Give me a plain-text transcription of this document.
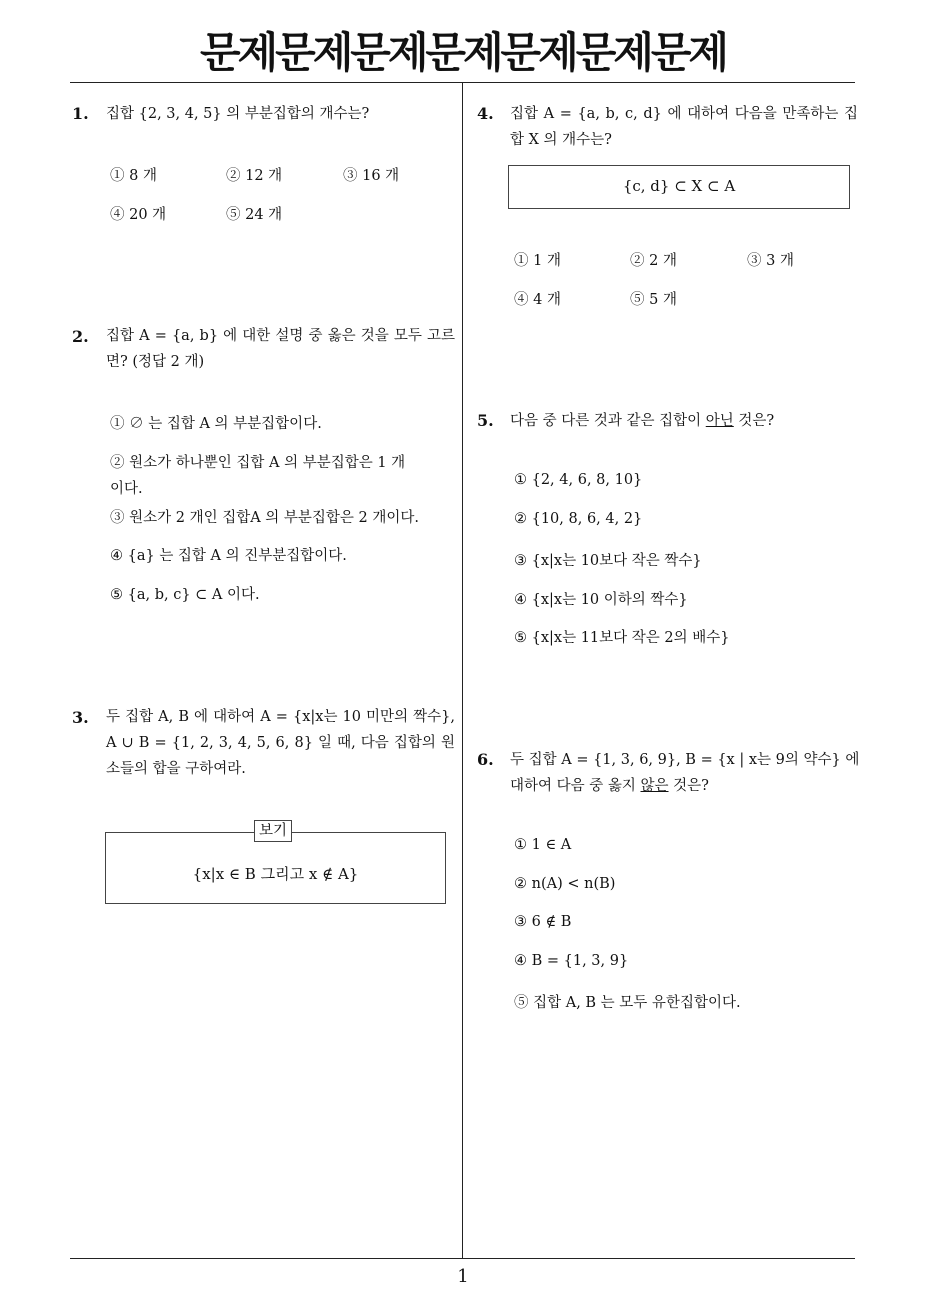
문제문제문제문제문제문제문제
1. 집합 {2, 3, 4, 5} 의 부분집합의 개수는?
① 8 개	② 12 개	③ 16 개
④ 20 개	⑤ 24 개
2. 집합 A = {a, b} 에 대한 설명 중 옳은 것을 모두 고르면? (정답 2 개)
① ∅ 는 집합 A 의 부분집합이다.
② 원소가 하나뿐인 집합 A 의 부분집합은 1 개이다.
③ 원소가 2 개인 집합A 의 부분집합은 2 개이다.
④ {a} 는 집합 A 의 진부분집합이다.
⑤ {a, b, c} ⊂ A 이다.
3. 두 집합 A, B 에 대하여 A = {x|x는 10 미만의 짝수}, A ∪ B = {1, 2, 3, 4, 5, 6, 8} 일 때, 다음 집합의 원소들의 합을 구하여라.
{x|x ∈ B 그리고 x ∉ A}
보기
4. 집합 A = {a, b, c, d} 에 대하여 다음을 만족하는 집합 X 의 개수는?
{c, d} ⊂ X ⊂ A
① 1 개	② 2 개	③ 3 개
④ 4 개	⑤ 5 개
5. 다음 중 다른 것과 같은 집합이 아닌 것은?
① {2, 4, 6, 8, 10}
② {10, 8, 6, 4, 2}
③ {x|x는 10보다 작은 짝수}
④ {x|x는 10 이하의 짝수}
⑤ {x|x는 11보다 작은 2의 배수}
6. 두 집합 A = {1, 3, 6, 9}, B = {x | x는 9의 약수} 에 대하여 다음 중 옳지 않은 것은?
① 1 ∈ A
② n(A) < n(B)
③ 6 ∉ B
④ B = {1, 3, 9}
⑤ 집합 A, B 는 모두 유한집합이다.
1
